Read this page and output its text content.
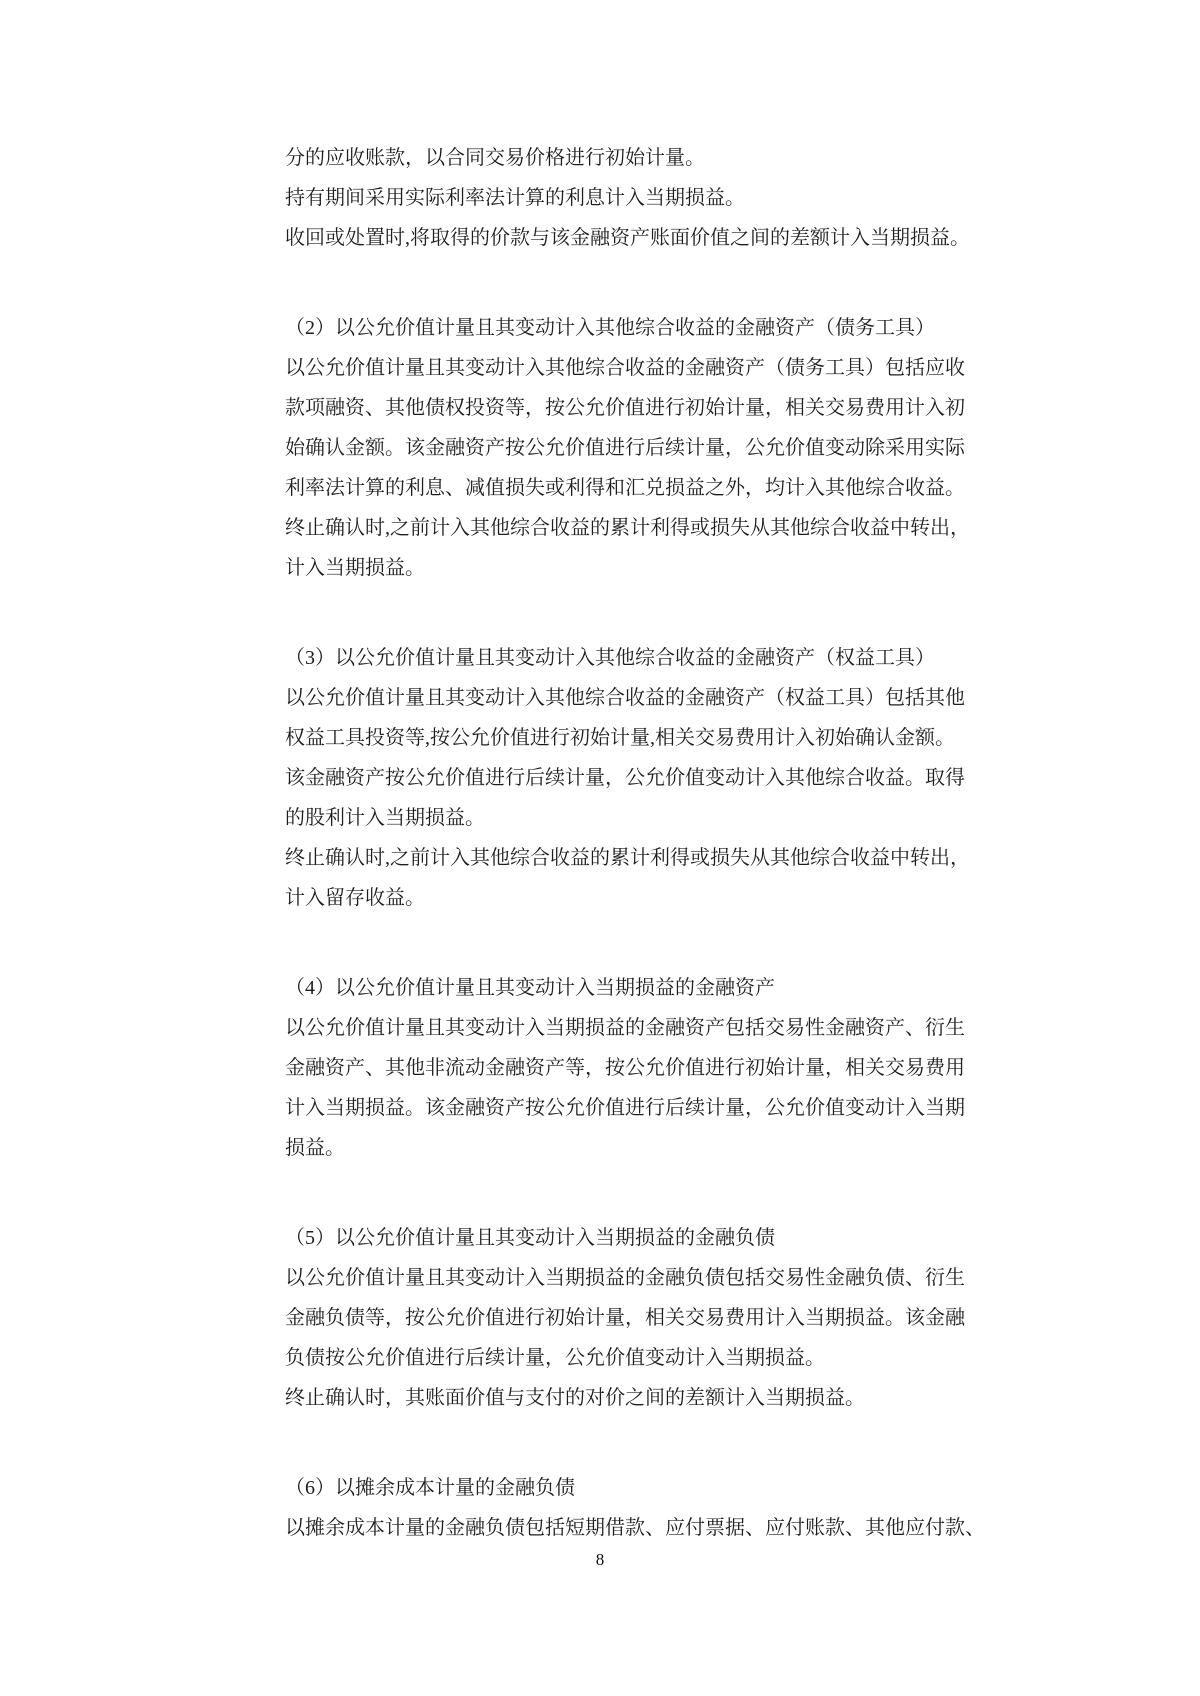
分的应收账款，以合同交易价格进行初始计量。
持有期间采用实际利率法计算的利息计入当期损益。
收回或处置时,将取得的价款与该金融资产账面价值之间的差额计入当期损益。
（2）以公允价值计量且其变动计入其他综合收益的金融资产（债务工具）
以公允价值计量且其变动计入其他综合收益的金融资产（债务工具）包括应收
款项融资、其他债权投资等，按公允价值进行初始计量，相关交易费用计入初
始确认金额。该金融资产按公允价值进行后续计量，公允价值变动除采用实际
利率法计算的利息、减值损失或利得和汇兑损益之外，均计入其他综合收益。
终止确认时,之前计入其他综合收益的累计利得或损失从其他综合收益中转出，
计入当期损益。
（3）以公允价值计量且其变动计入其他综合收益的金融资产（权益工具）
以公允价值计量且其变动计入其他综合收益的金融资产（权益工具）包括其他
权益工具投资等,按公允价值进行初始计量,相关交易费用计入初始确认金额。
该金融资产按公允价值进行后续计量，公允价值变动计入其他综合收益。取得
的股利计入当期损益。
终止确认时,之前计入其他综合收益的累计利得或损失从其他综合收益中转出，
计入留存收益。
（4）以公允价值计量且其变动计入当期损益的金融资产
以公允价值计量且其变动计入当期损益的金融资产包括交易性金融资产、衍生
金融资产、其他非流动金融资产等，按公允价值进行初始计量，相关交易费用
计入当期损益。该金融资产按公允价值进行后续计量，公允价值变动计入当期
损益。
（5）以公允价值计量且其变动计入当期损益的金融负债
以公允价值计量且其变动计入当期损益的金融负债包括交易性金融负债、衍生
金融负债等，按公允价值进行初始计量，相关交易费用计入当期损益。该金融
负债按公允价值进行后续计量，公允价值变动计入当期损益。
终止确认时，其账面价值与支付的对价之间的差额计入当期损益。
（6）以摊余成本计量的金融负债
以摊余成本计量的金融负债包括短期借款、应付票据、应付账款、其他应付款、
8
